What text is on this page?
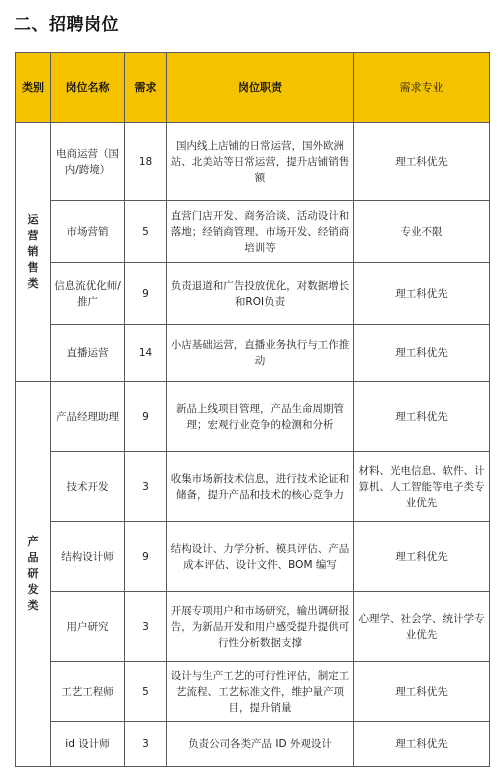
二、招聘岗位
类别	岗位名称	需求	岗位职责	需求专业
运营销售类	电商运营（国内/跨境）	18	国内线上店铺的日常运营，国外欧洲站、北美站等日常运营，提升店铺销售额	理工科优先
	市场营销	5	直营门店开发、商务洽谈、活动设计和落地；经销商管理、市场开发、经销商培训等	专业不限
	信息流优化师/推广	9	负责退道和广告投放优化，对数据增长和ROI负责	理工科优先
	直播运营	14	小店基础运营，直播业务执行与工作推动	理工科优先
产品研发类	产品经理助理	9	新品上线项目管理，产品生命周期管理；宏观行业竞争的检测和分析	理工科优先
	技术开发	3	收集市场新技术信息，进行技术论证和储备，提升产品和技术的核心竞争力	材料、光电信息、软件、计算机、人工智能等电子类专业优先
	结构设计师	9	结构设计、力学分析、模具评估、产品成本评估、设计文件、BOM 编写	理工科优先
	用户研究	3	开展专项用户和市场研究，输出调研报告，为新品开发和用户感受提升提供可行性分析数据支撑	心理学、社会学、统计学专业优先
	工艺工程师	5	设计与生产工艺的可行性评估，制定工艺流程、工艺标准文件，维护量产项目，提升销量	理工科优先
	id 设计师	3	负责公司各类产品 ID 外观设计	理工科优先
